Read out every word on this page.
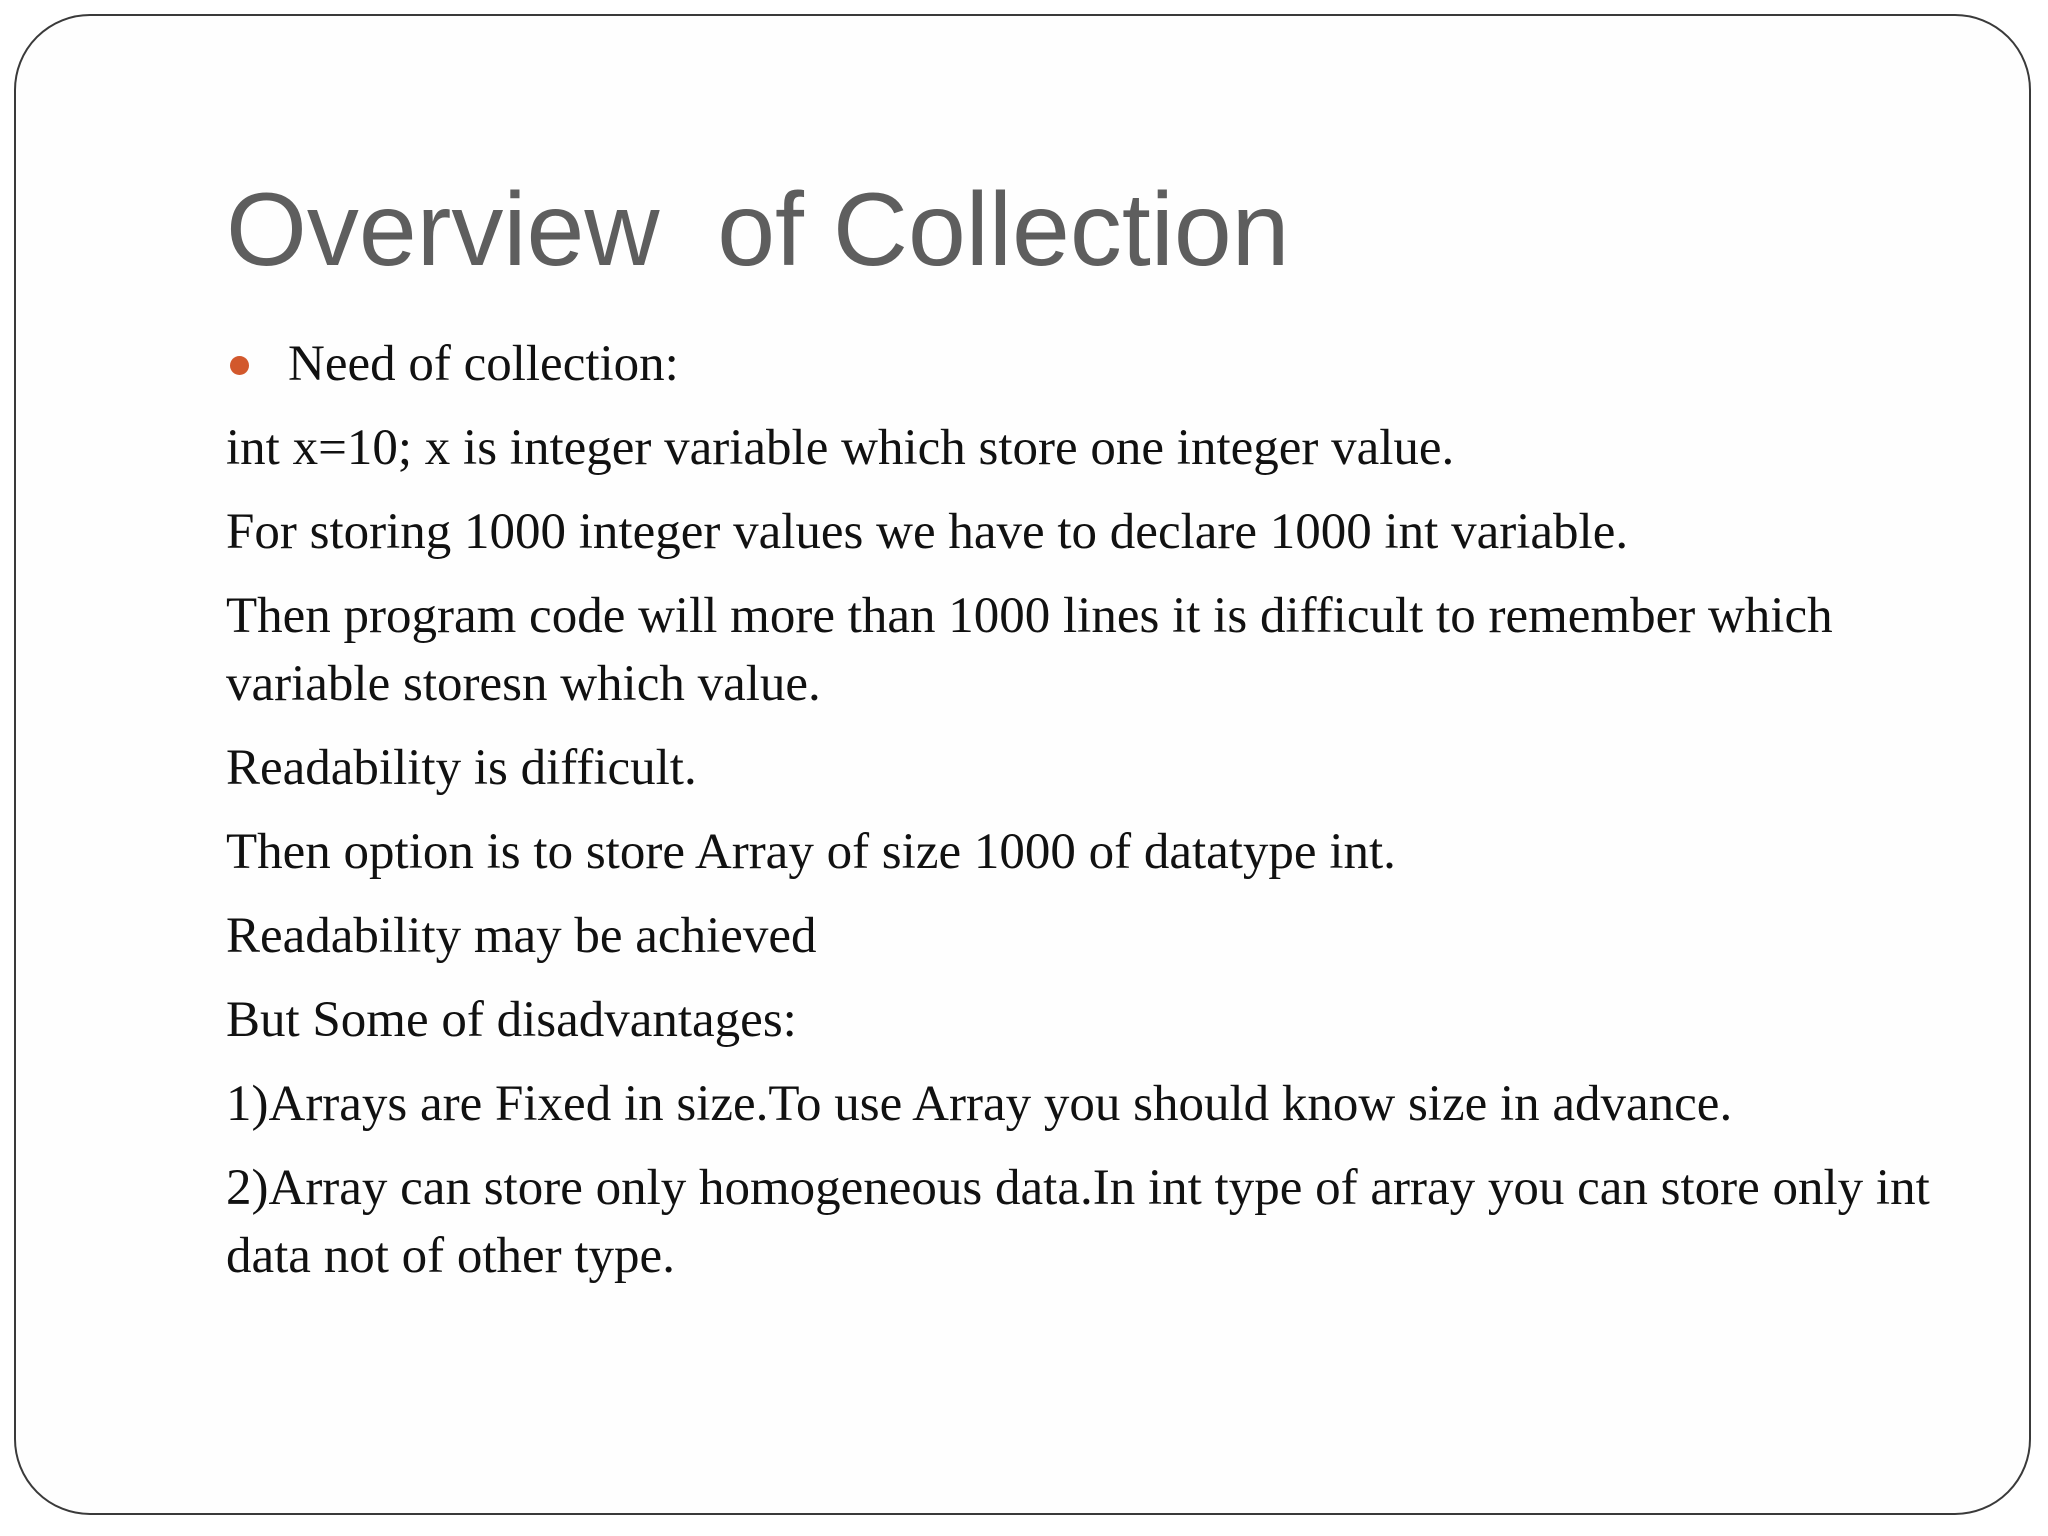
Overview  of Collection
Need of collection:

int x=10; x is integer variable which store one integer value.

For storing 1000 integer values we have to declare 1000 int variable.

Then program code will more than 1000 lines it is difficult to remember which variable storesn which value.

Readability is difficult.

Then option is to store Array of size 1000 of datatype int.

Readability may be achieved

But Some of disadvantages:

1)Arrays are Fixed in size.To use Array you should know size in advance.

2)Array can store only homogeneous data.In int type of array you can store only int data not of other type.
